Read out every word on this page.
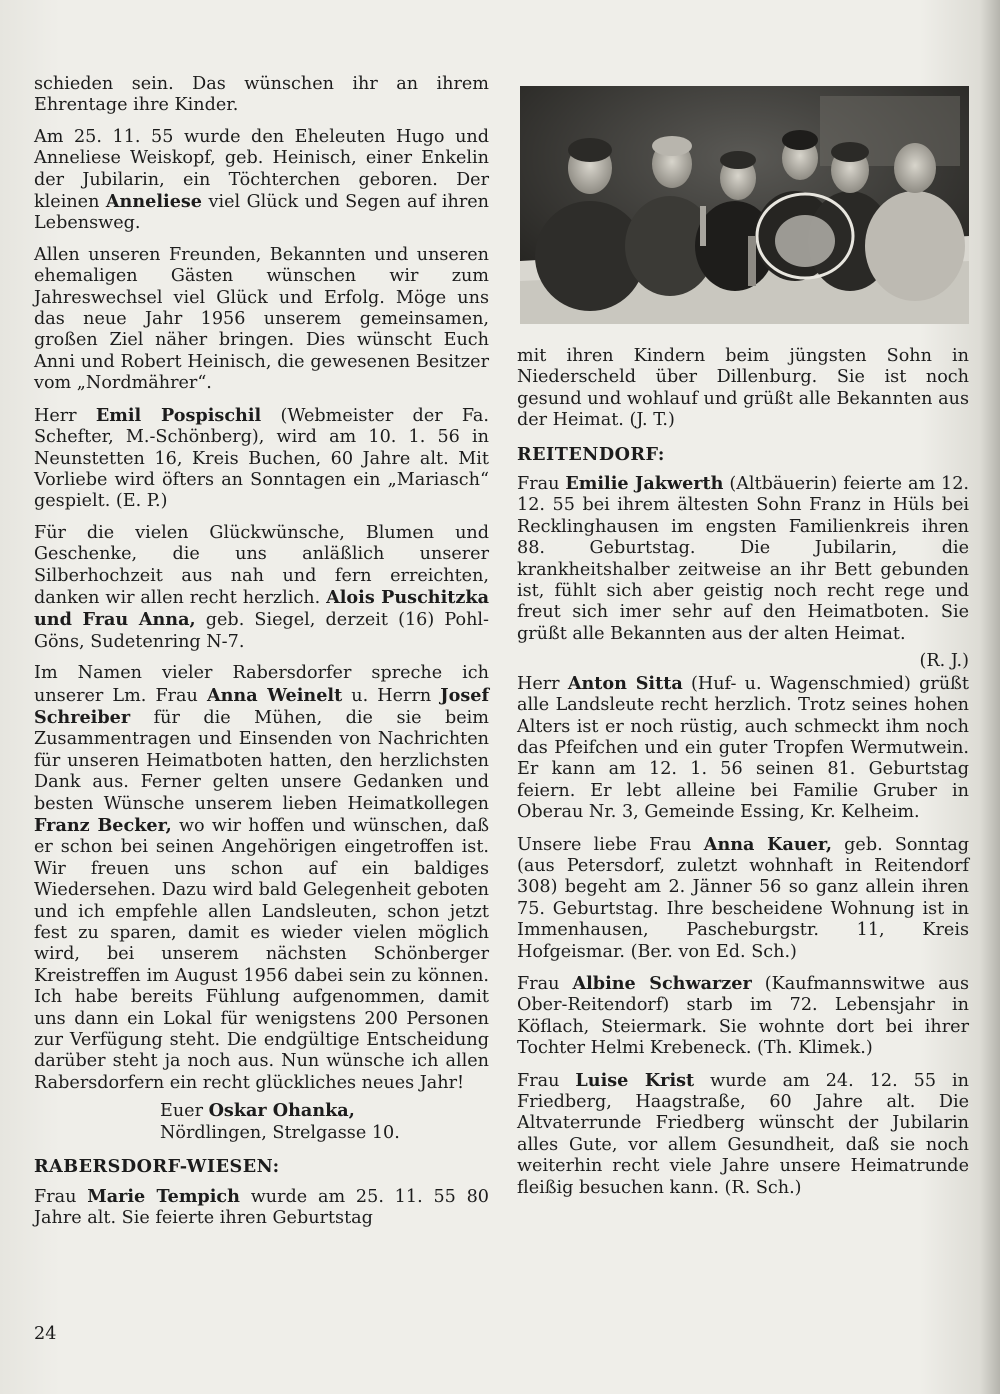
schieden sein. Das wünschen ihr an ihrem Ehrentage ihre Kinder.

Am 25. 11. 55 wurde den Eheleuten Hugo und Anneliese Weiskopf, geb. Heinisch, einer Enkelin der Jubilarin, ein Töchterchen geboren. Der kleinen Anneliese viel Glück und Segen auf ihren Lebensweg.

Allen unseren Freunden, Bekannten und unseren ehemaligen Gästen wünschen wir zum Jahreswechsel viel Glück und Erfolg. Möge uns das neue Jahr 1956 unserem gemeinsamen, großen Ziel näher bringen. Dies wünscht Euch Anni und Robert Heinisch, die gewesenen Besitzer vom „Nordmährer“.

Herr Emil Pospischil (Webmeister der Fa. Schefter, M.-Schönberg), wird am 10. 1. 56 in Neunstetten 16, Kreis Buchen, 60 Jahre alt. Mit Vorliebe wird öfters an Sonntagen ein „Mariasch“ gespielt. (E. P.)

Für die vielen Glückwünsche, Blumen und Geschenke, die uns anläßlich unserer Silberhochzeit aus nah und fern erreichten, danken wir allen recht herzlich. Alois Puschitzka und Frau Anna, geb. Siegel, derzeit (16) Pohl-Göns, Sudetenring N-7.

Im Namen vieler Rabersdorfer spreche ich unserer Lm. Frau Anna Weinelt u. Herrn Josef Schreiber für die Mühen, die sie beim Zusammentragen und Einsenden von Nachrichten für unseren Heimatboten hatten, den herzlichsten Dank aus. Ferner gelten unsere Gedanken und besten Wünsche unserem lieben Heimatkollegen Franz Becker, wo wir hoffen und wünschen, daß er schon bei seinen Angehörigen eingetroffen ist. Wir freuen uns schon auf ein baldiges Wiedersehen. Dazu wird bald Gelegenheit geboten und ich empfehle allen Landsleuten, schon jetzt fest zu sparen, damit es wieder vielen möglich wird, bei unserem nächsten Schönberger Kreistreffen im August 1956 dabei sein zu können. Ich habe bereits Fühlung aufgenommen, damit uns dann ein Lokal für wenigstens 200 Personen zur Verfügung steht. Die endgültige Entscheidung darüber steht ja noch aus. Nun wünsche ich allen Rabersdorfern ein recht glückliches neues Jahr!

Euer Oskar Ohanka,
Nördlingen, Strelgasse 10.

RABERSDORF-WIESEN:

Frau Marie Tempich wurde am 25. 11. 55 80 Jahre alt. Sie feierte ihren Geburtstag

mit ihren Kindern beim jüngsten Sohn in Niederscheld über Dillenburg. Sie ist noch gesund und wohlauf und grüßt alle Bekannten aus der Heimat. (J. T.)

REITENDORF:

Frau Emilie Jakwerth (Altbäuerin) feierte am 12. 12. 55 bei ihrem ältesten Sohn Franz in Hüls bei Recklinghausen im engsten Familienkreis ihren 88. Geburtstag. Die Jubilarin, die krankheitshalber zeitweise an ihr Bett gebunden ist, fühlt sich aber geistig noch recht rege und freut sich imer sehr auf den Heimatboten. Sie grüßt alle Bekannten aus der alten Heimat.

(R. J.)

Herr Anton Sitta (Huf- u. Wagenschmied) grüßt alle Landsleute recht herzlich. Trotz seines hohen Alters ist er noch rüstig, auch schmeckt ihm noch das Pfeifchen und ein guter Tropfen Wermutwein. Er kann am 12. 1. 56 seinen 81. Geburtstag feiern. Er lebt alleine bei Familie Gruber in Oberau Nr. 3, Gemeinde Essing, Kr. Kelheim.

Unsere liebe Frau Anna Kauer, geb. Sonntag (aus Petersdorf, zuletzt wohnhaft in Reitendorf 308) begeht am 2. Jänner 56 so ganz allein ihren 75. Geburtstag. Ihre bescheidene Wohnung ist in Immenhausen, Pascheburgstr. 11, Kreis Hofgeismar. (Ber. von Ed. Sch.)

Frau Albine Schwarzer (Kaufmannswitwe aus Ober-Reitendorf) starb im 72. Lebensjahr in Köflach, Steiermark. Sie wohnte dort bei ihrer Tochter Helmi Krebeneck. (Th. Klimek.)

Frau Luise Krist wurde am 24. 12. 55 in Friedberg, Haagstraße, 60 Jahre alt. Die Altvaterrunde Friedberg wünscht der Jubilarin alles Gute, vor allem Gesundheit, daß sie noch weiterhin recht viele Jahre unsere Heimatrunde fleißig besuchen kann. (R. Sch.)

24
